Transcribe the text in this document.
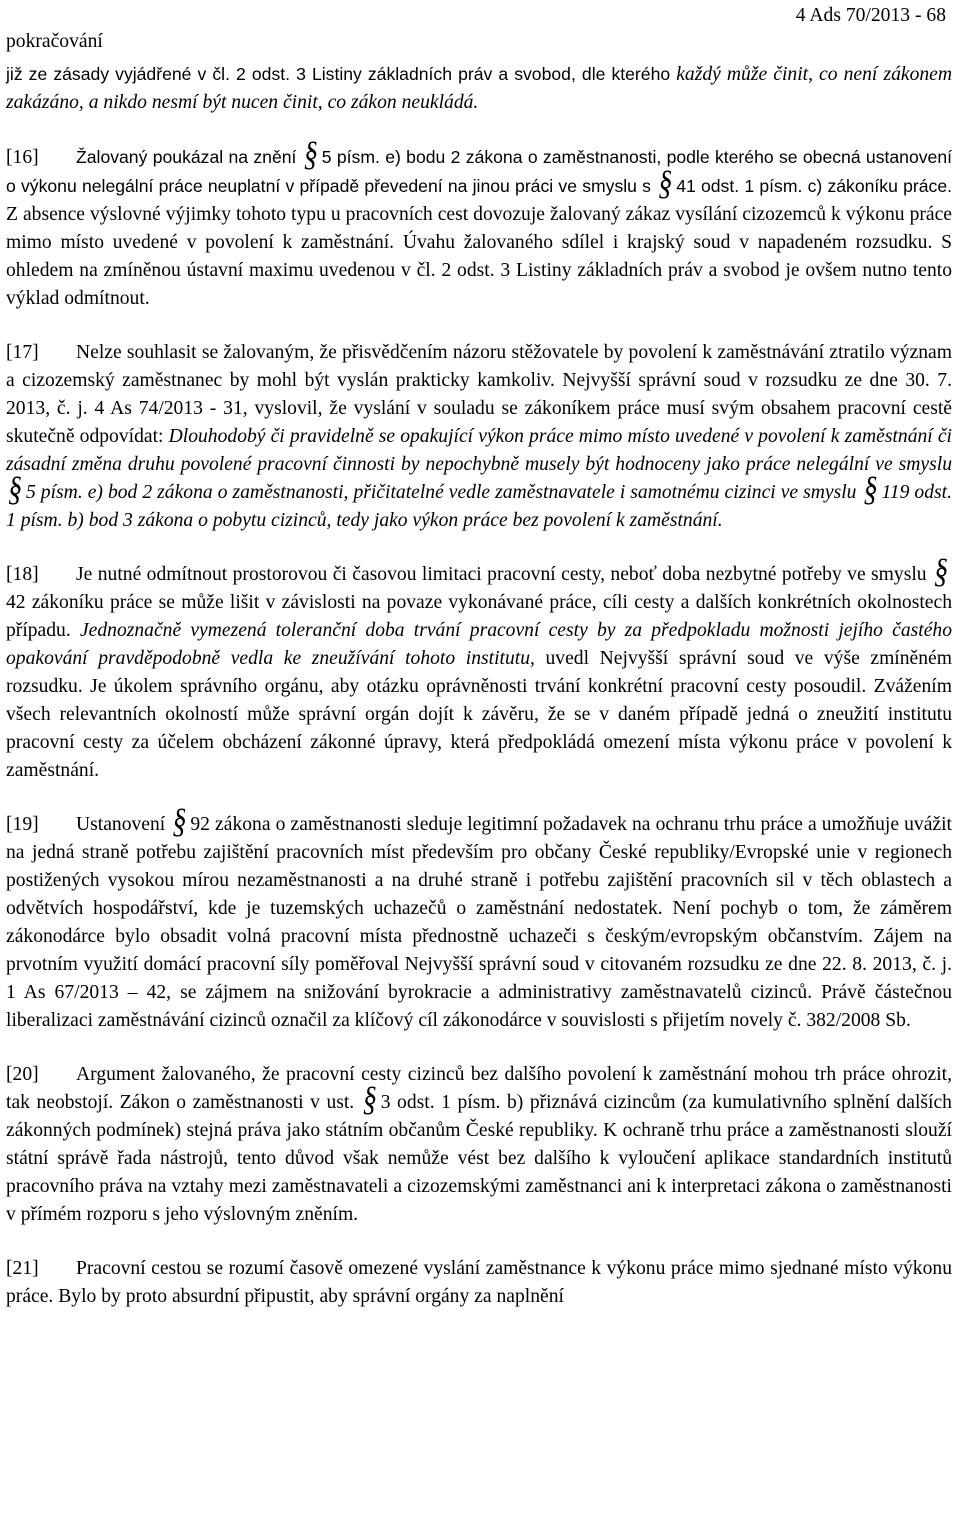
pokračování
4 Ads 70/2013 - 68

již ze zásady vyjádřené v čl. 2 odst. 3 Listiny základních práv a svobod, dle kterého každý může činit, co není zákonem zakázáno, a nikdo nesmí být nucen činit, co zákon neukládá.

[16] Žalovaný poukázal na znění § 5 písm. e) bodu 2 zákona o zaměstnanosti, podle kterého se obecná ustanovení o výkonu nelegální práce neuplatní v případě převedení na jinou práci ve smyslu s § 41 odst. 1 písm. c) zákoníku práce. Z absence výslovné výjimky tohoto typu u pracovních cest dovozuje žalovaný zákaz vysílání cizozemců k výkonu práce mimo místo uvedené v povolení k zaměstnání. Úvahu žalovaného sdílel i krajský soud v napadeném rozsudku. S ohledem na zmíněnou ústavní maximu uvedenou v čl. 2 odst. 3 Listiny základních práv a svobod je ovšem nutno tento výklad odmítnout.

[17] Nelze souhlasit se žalovaným, že přisvědčením názoru stěžovatele by povolení k zaměstnávání ztratilo význam a cizozemský zaměstnanec by mohl být vyslán prakticky kamkoliv. Nejvyšší správní soud v rozsudku ze dne 30. 7. 2013, č. j. 4 As 74/2013 - 31, vyslovil, že vyslání v souladu se zákoníkem práce musí svým obsahem pracovní cestě skutečně odpovídat: Dlouhodobý či pravidelně se opakující výkon práce mimo místo uvedené v povolení k zaměstnání či zásadní změna druhu povolené pracovní činnosti by nepochybně musely být hodnoceny jako práce nelegální ve smyslu § 5 písm. e) bod 2 zákona o zaměstnanosti, přičitatelné vedle zaměstnavatele i samotnému cizinci ve smyslu § 119 odst. 1 písm. b) bod 3 zákona o pobytu cizinců, tedy jako výkon práce bez povolení k zaměstnání.

[18] Je nutné odmítnout prostorovou či časovou limitaci pracovní cesty, neboť doba nezbytné potřeby ve smyslu §42 zákoníku práce se může lišit v závislosti na povaze vykonávané práce, cíli cesty a dalších konkrétních okolnostech případu. Jednoznačně vymezená toleranční doba trvání pracovní cesty by za předpokladu možnosti jejího častého opakování pravděpodobně vedla ke zneužívání tohoto institutu, uvedl Nejvyšší správní soud ve výše zmíněném rozsudku. Je úkolem správního orgánu, aby otázku oprávněnosti trvání konkrétní pracovní cesty posoudil. Zvážením všech relevantních okolností může správní orgán dojít k závěru, že se v daném případě jedná o zneužití institutu pracovní cesty za účelem obcházení zákonné úpravy, která předpokládá omezení místa výkonu práce v povolení k zaměstnání.

[19] Ustanovení § 92 zákona o zaměstnanosti sleduje legitimní požadavek na ochranu trhu práce a umožňuje uvážit na jedná straně potřebu zajištění pracovních míst především pro občany České republiky/Evropské unie v regionech postižených vysokou mírou nezaměstnanosti a na druhé straně i potřebu zajištění pracovních sil v těch oblastech a odvětvích hospodářství, kde je tuzemských uchazečů o zaměstnání nedostatek. Není pochyb o tom, že záměrem zákonodárce bylo obsadit volná pracovní místa přednostně uchazeči s českým/evropským občanstvím. Zájem na prvotním využití domácí pracovní síly poměřoval Nejvyšší správní soud v citovaném rozsudku ze dne 22. 8. 2013, č. j. 1 As 67/2013 – 42, se zájmem na snižování byrokracie a administrativy zaměstnavatelů cizinců. Právě částečnou liberalizaci zaměstnávání cizinců označil za klíčový cíl zákonodárce v souvislosti s přijetím novely č. 382/2008 Sb.

[20] Argument žalovaného, že pracovní cesty cizinců bez dalšího povolení k zaměstnání mohou trh práce ohrozit, tak neobstojí. Zákon o zaměstnanosti v ust. § 3 odst. 1 písm. b) přiznává cizincům (za kumulativního splnění dalších zákonných podmínek) stejná práva jako státním občanům České republiky. K ochraně trhu práce a zaměstnanosti slouží státní správě řada nástrojů, tento důvod však nemůže vést bez dalšího k vyloučení aplikace standardních institutů pracovního práva na vztahy mezi zaměstnavateli a cizozemskými zaměstnanci ani k interpretaci zákona o zaměstnanosti v přímém rozporu s jeho výslovným zněním.

[21] Pracovní cestou se rozumí časově omezené vyslání zaměstnance k výkonu práce mimo sjednané místo výkonu práce. Bylo by proto absurdní připustit, aby správní orgány za naplnění
